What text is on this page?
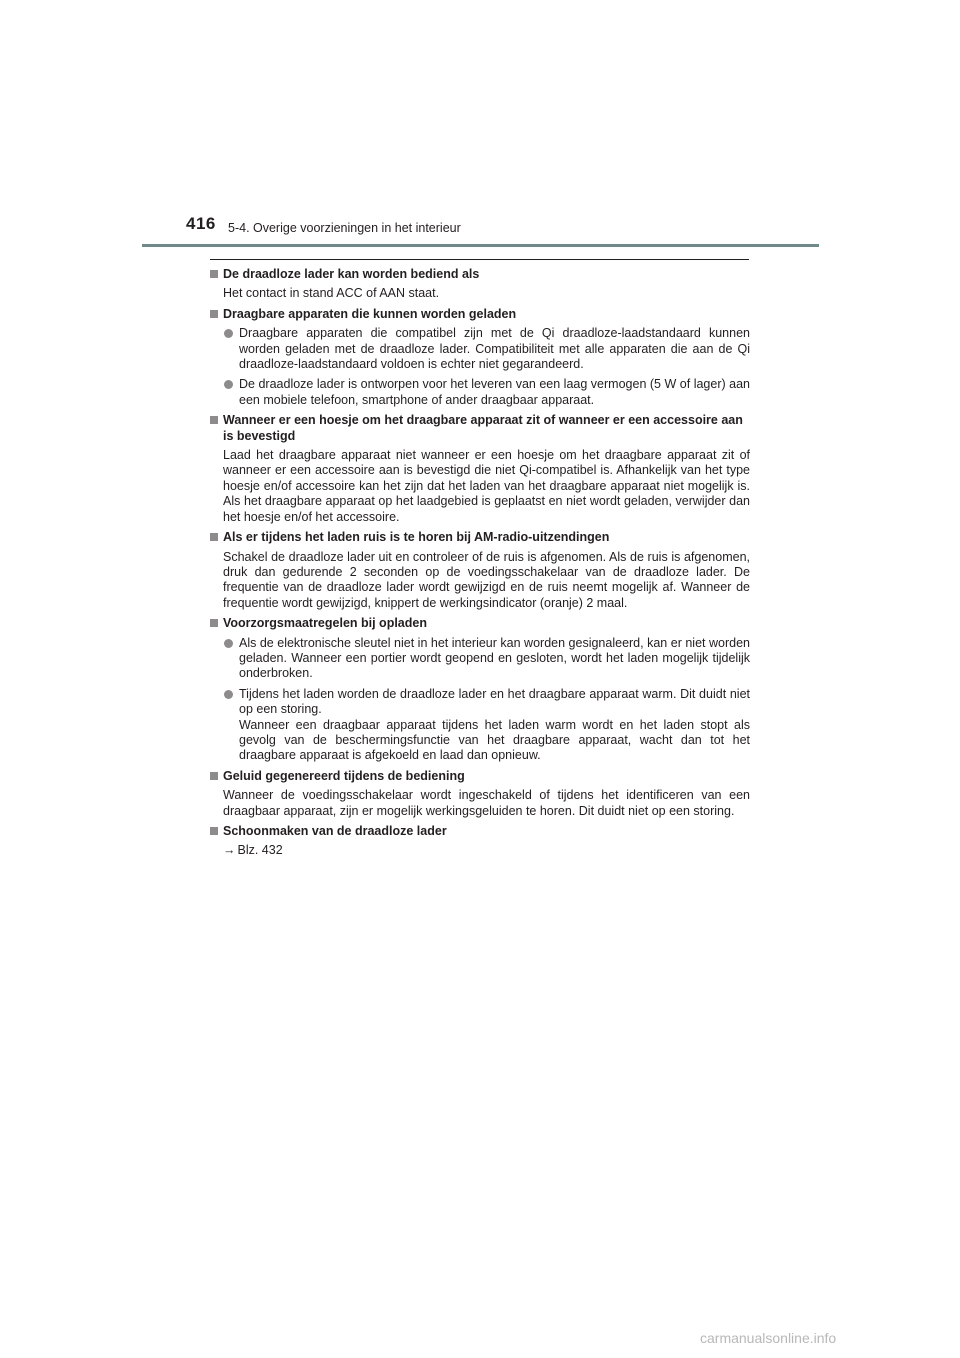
416 5-4. Overige voorzieningen in het interieur
De draadloze lader kan worden bediend als
Het contact in stand ACC of AAN staat.
Draagbare apparaten die kunnen worden geladen
Draagbare apparaten die compatibel zijn met de Qi draadloze-laadstandaard kunnen worden geladen met de draadloze lader. Compatibiliteit met alle apparaten die aan de Qi draadloze-laadstandaard voldoen is echter niet gegarandeerd.
De draadloze lader is ontworpen voor het leveren van een laag vermogen (5 W of lager) aan een mobiele telefoon, smartphone of ander draagbaar apparaat.
Wanneer er een hoesje om het draagbare apparaat zit of wanneer er een accessoire aan is bevestigd
Laad het draagbare apparaat niet wanneer er een hoesje om het draagbare apparaat zit of wanneer er een accessoire aan is bevestigd die niet Qi-compatibel is. Afhankelijk van het type hoesje en/of accessoire kan het zijn dat het laden van het draagbare apparaat niet mogelijk is. Als het draagbare apparaat op het laadgebied is geplaatst en niet wordt geladen, verwijder dan het hoesje en/of het accessoire.
Als er tijdens het laden ruis is te horen bij AM-radio-uitzendingen
Schakel de draadloze lader uit en controleer of de ruis is afgenomen. Als de ruis is afgenomen, druk dan gedurende 2 seconden op de voedingsschakelaar van de draadloze lader. De frequentie van de draadloze lader wordt gewijzigd en de ruis neemt mogelijk af. Wanneer de frequentie wordt gewijzigd, knippert de werkingsindicator (oranje) 2 maal.
Voorzorgsmaatregelen bij opladen
Als de elektronische sleutel niet in het interieur kan worden gesignaleerd, kan er niet worden geladen. Wanneer een portier wordt geopend en gesloten, wordt het laden mogelijk tijdelijk onderbroken.
Tijdens het laden worden de draadloze lader en het draagbare apparaat warm. Dit duidt niet op een storing.
Wanneer een draagbaar apparaat tijdens het laden warm wordt en het laden stopt als gevolg van de beschermingsfunctie van het draagbare apparaat, wacht dan tot het draagbare apparaat is afgekoeld en laad dan opnieuw.
Geluid gegenereerd tijdens de bediening
Wanneer de voedingsschakelaar wordt ingeschakeld of tijdens het identificeren van een draagbaar apparaat, zijn er mogelijk werkingsgeluiden te horen. Dit duidt niet op een storing.
Schoonmaken van de draadloze lader
→ Blz. 432
carmanualsonline.info
